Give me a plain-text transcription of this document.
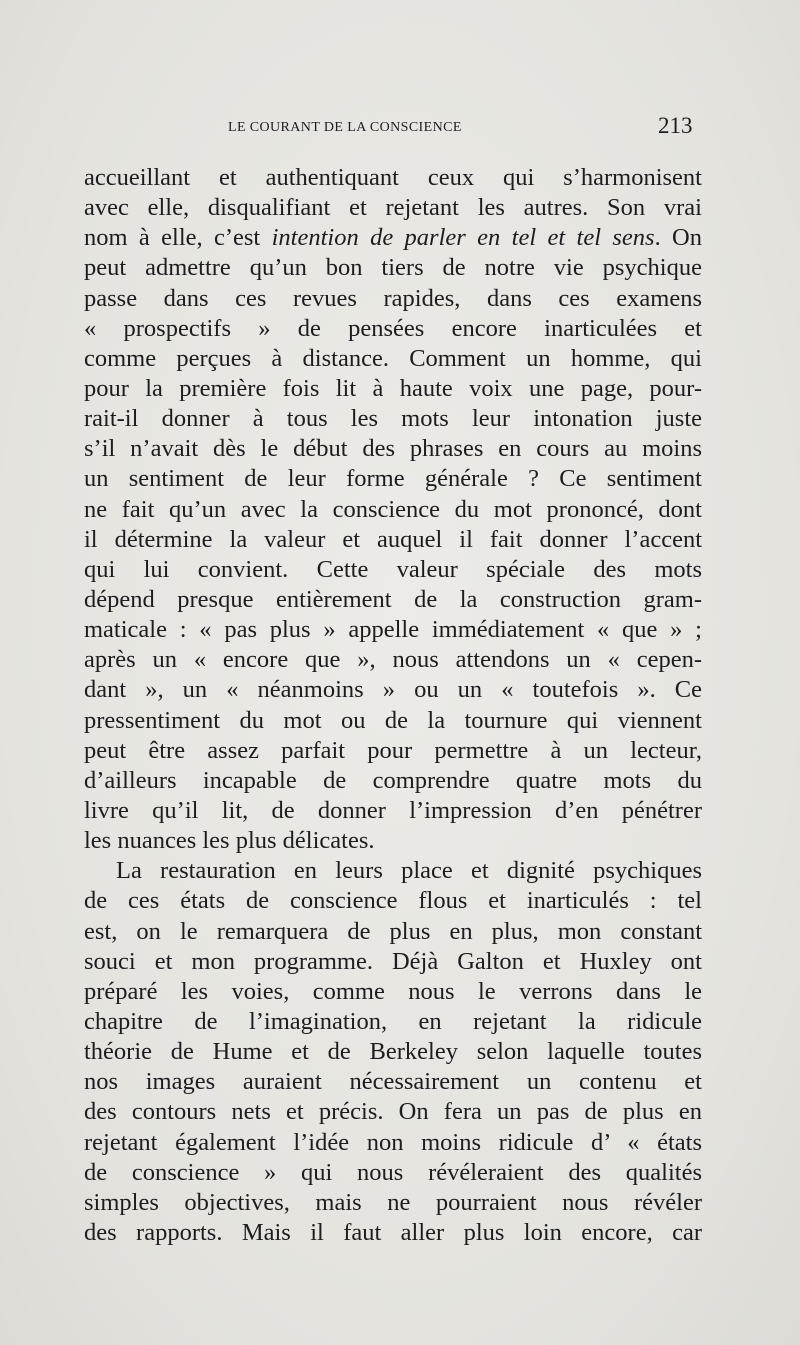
LE COURANT DE LA CONSCIENCE	213
accueillant et authentiquant ceux qui s’harmonisent
avec elle, disqualifiant et rejetant les autres. Son vrai
nom à elle, c’est intention de parler en tel et tel sens. On
peut admettre qu’un bon tiers de notre vie psychique
passe dans ces revues rapides, dans ces examens
« prospectifs » de pensées encore inarticulées et
comme perçues à distance. Comment un homme, qui
pour la première fois lit à haute voix une page, pour-
rait-il donner à tous les mots leur intonation juste
s’il n’avait dès le début des phrases en cours au moins
un sentiment de leur forme générale ? Ce sentiment
ne fait qu’un avec la conscience du mot prononcé, dont
il détermine la valeur et auquel il fait donner l’accent
qui lui convient. Cette valeur spéciale des mots
dépend presque entièrement de la construction gram-
maticale : « pas plus » appelle immédiatement « que » ;
après un « encore que », nous attendons un « cepen-
dant », un « néanmoins » ou un « toutefois ». Ce
pressentiment du mot ou de la tournure qui viennent
peut être assez parfait pour permettre à un lecteur,
d’ailleurs incapable de comprendre quatre mots du
livre qu’il lit, de donner l’impression d’en pénétrer
les nuances les plus délicates.
La restauration en leurs place et dignité psychiques
de ces états de conscience flous et inarticulés : tel
est, on le remarquera de plus en plus, mon constant
souci et mon programme. Déjà Galton et Huxley ont
préparé les voies, comme nous le verrons dans le
chapitre de l’imagination, en rejetant la ridicule
théorie de Hume et de Berkeley selon laquelle toutes
nos images auraient nécessairement un contenu et
des contours nets et précis. On fera un pas de plus en
rejetant également l’idée non moins ridicule d’ « états
de conscience » qui nous révéleraient des qualités
simples objectives, mais ne pourraient nous révéler
des rapports. Mais il faut aller plus loin encore, car
